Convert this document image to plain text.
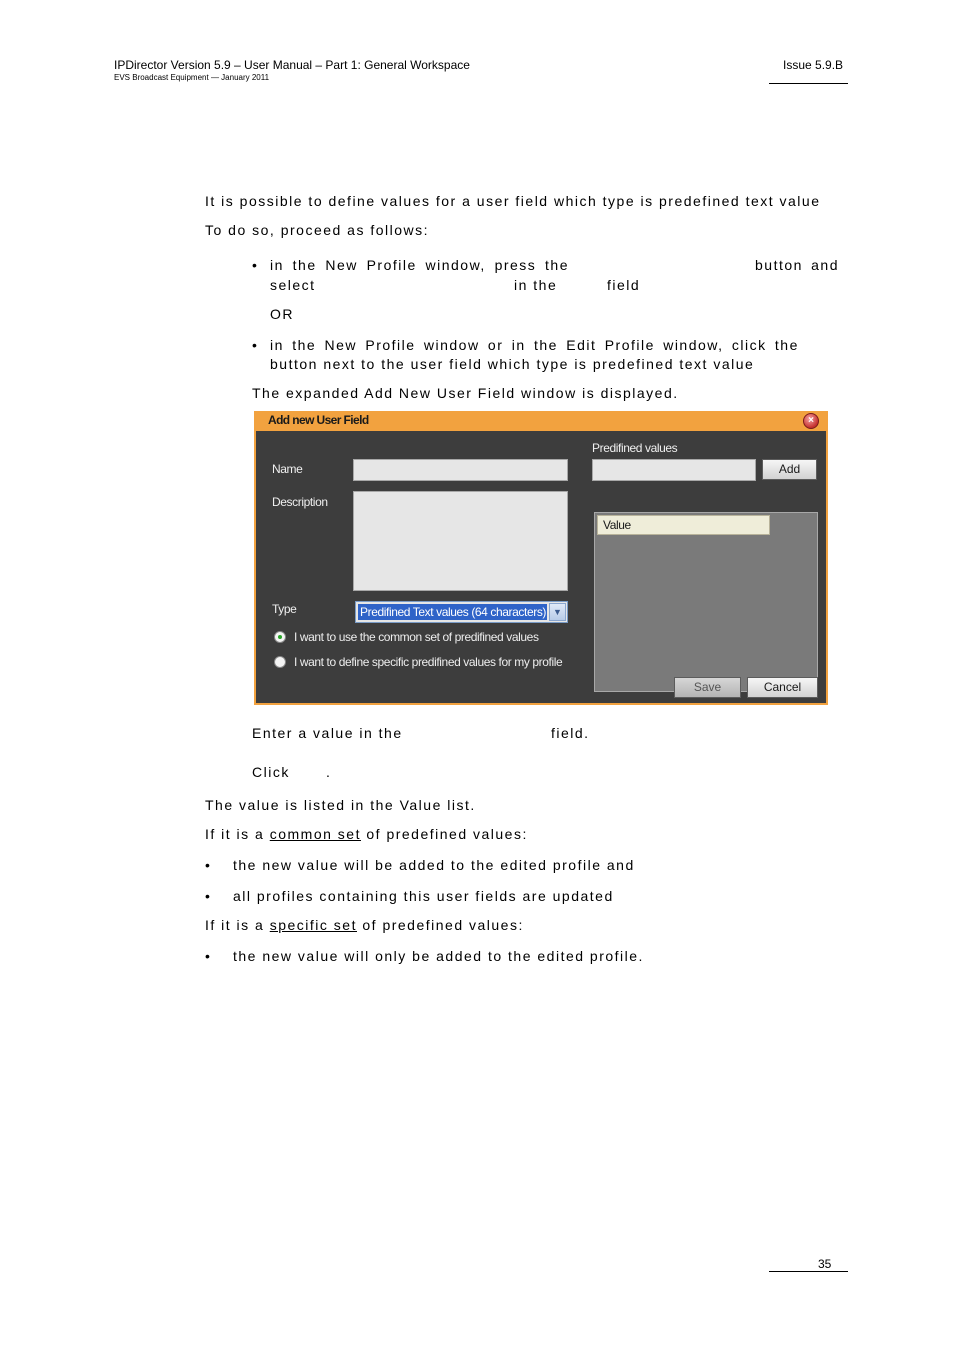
IPDirector Version 5.9 – User Manual – Part 1: General Workspace
EVS Broadcast Equipment — January 2011
Issue 5.9.B
It is possible to define values for a user field which type is predefined text value
To do so, proceed as follows:
• in the New Profile window, press the	button and
select	in the	field
OR
• in the New Profile window or in the Edit Profile window, click the
button next to the user field which type is predefined text value
The expanded Add New User Field window is displayed.
Add new User Field	×
Name
Description
Type	Predifined Text values (64 characters) ▼
I want to use the common set of predifined values
I want to define specific predifined values for my profile
Predifined values
Add
Value
Save	Cancel
Enter a value in the	field.
Click	.
The value is listed in the Value list.
If it is a common set of predefined values:
• the new value will be added to the edited profile and
• all profiles containing this user fields are updated
If it is a specific set of predefined values:
• the new value will only be added to the edited profile.
35
